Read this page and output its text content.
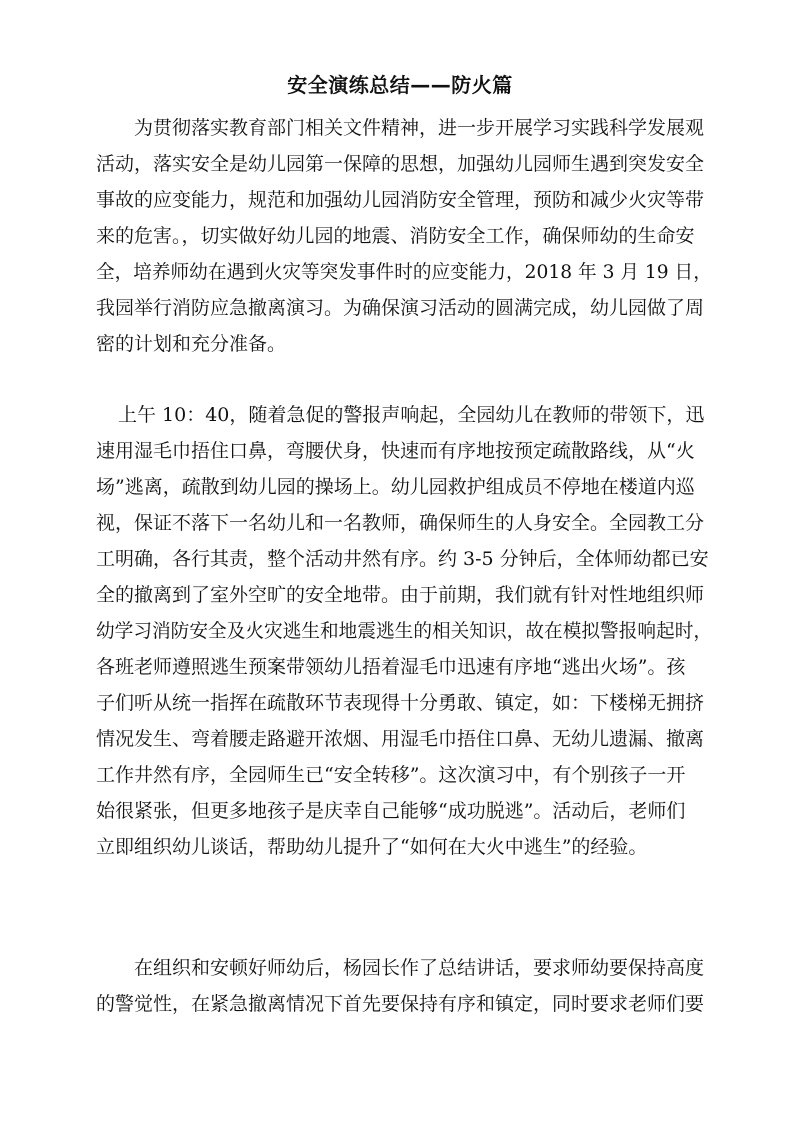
安全演练总结——防火篇
为贯彻落实教育部门相关文件精神，进一步开展学习实践科学发展观
活动，落实安全是幼儿园第一保障的思想，加强幼儿园师生遇到突发安全
事故的应变能力，规范和加强幼儿园消防安全管理，预防和减少火灾等带
来的危害。，切实做好幼儿园的地震、消防安全工作，确保师幼的生命安
全，培养师幼在遇到火灾等突发事件时的应变能力，2018 年 3 月 19 日，
我园举行消防应急撤离演习。为确保演习活动的圆满完成，幼儿园做了周
密的计划和充分准备。
上午 10：40，随着急促的警报声响起，全园幼儿在教师的带领下，迅
速用湿毛巾捂住口鼻，弯腰伏身，快速而有序地按预定疏散路线，从“火
场”逃离，疏散到幼儿园的操场上。幼儿园救护组成员不停地在楼道内巡
视，保证不落下一名幼儿和一名教师，确保师生的人身安全。全园教工分
工明确，各行其责，整个活动井然有序。约 3-5 分钟后，全体师幼都已安
全的撤离到了室外空旷的安全地带。由于前期，我们就有针对性地组织师
幼学习消防安全及火灾逃生和地震逃生的相关知识，故在模拟警报响起时，
各班老师遵照逃生预案带领幼儿捂着湿毛巾迅速有序地“逃出火场”。孩
子们听从统一指挥在疏散环节表现得十分勇敢、镇定，如：下楼梯无拥挤
情况发生、弯着腰走路避开浓烟、用湿毛巾捂住口鼻、无幼儿遗漏、撤离
工作井然有序，全园师生已“安全转移”。这次演习中，有个别孩子一开
始很紧张，但更多地孩子是庆幸自己能够“成功脱逃”。活动后，老师们
立即组织幼儿谈话，帮助幼儿提升了“如何在大火中逃生”的经验。
在组织和安顿好师幼后，杨园长作了总结讲话，要求师幼要保持高度
的警觉性，在紧急撤离情况下首先要保持有序和镇定，同时要求老师们要
